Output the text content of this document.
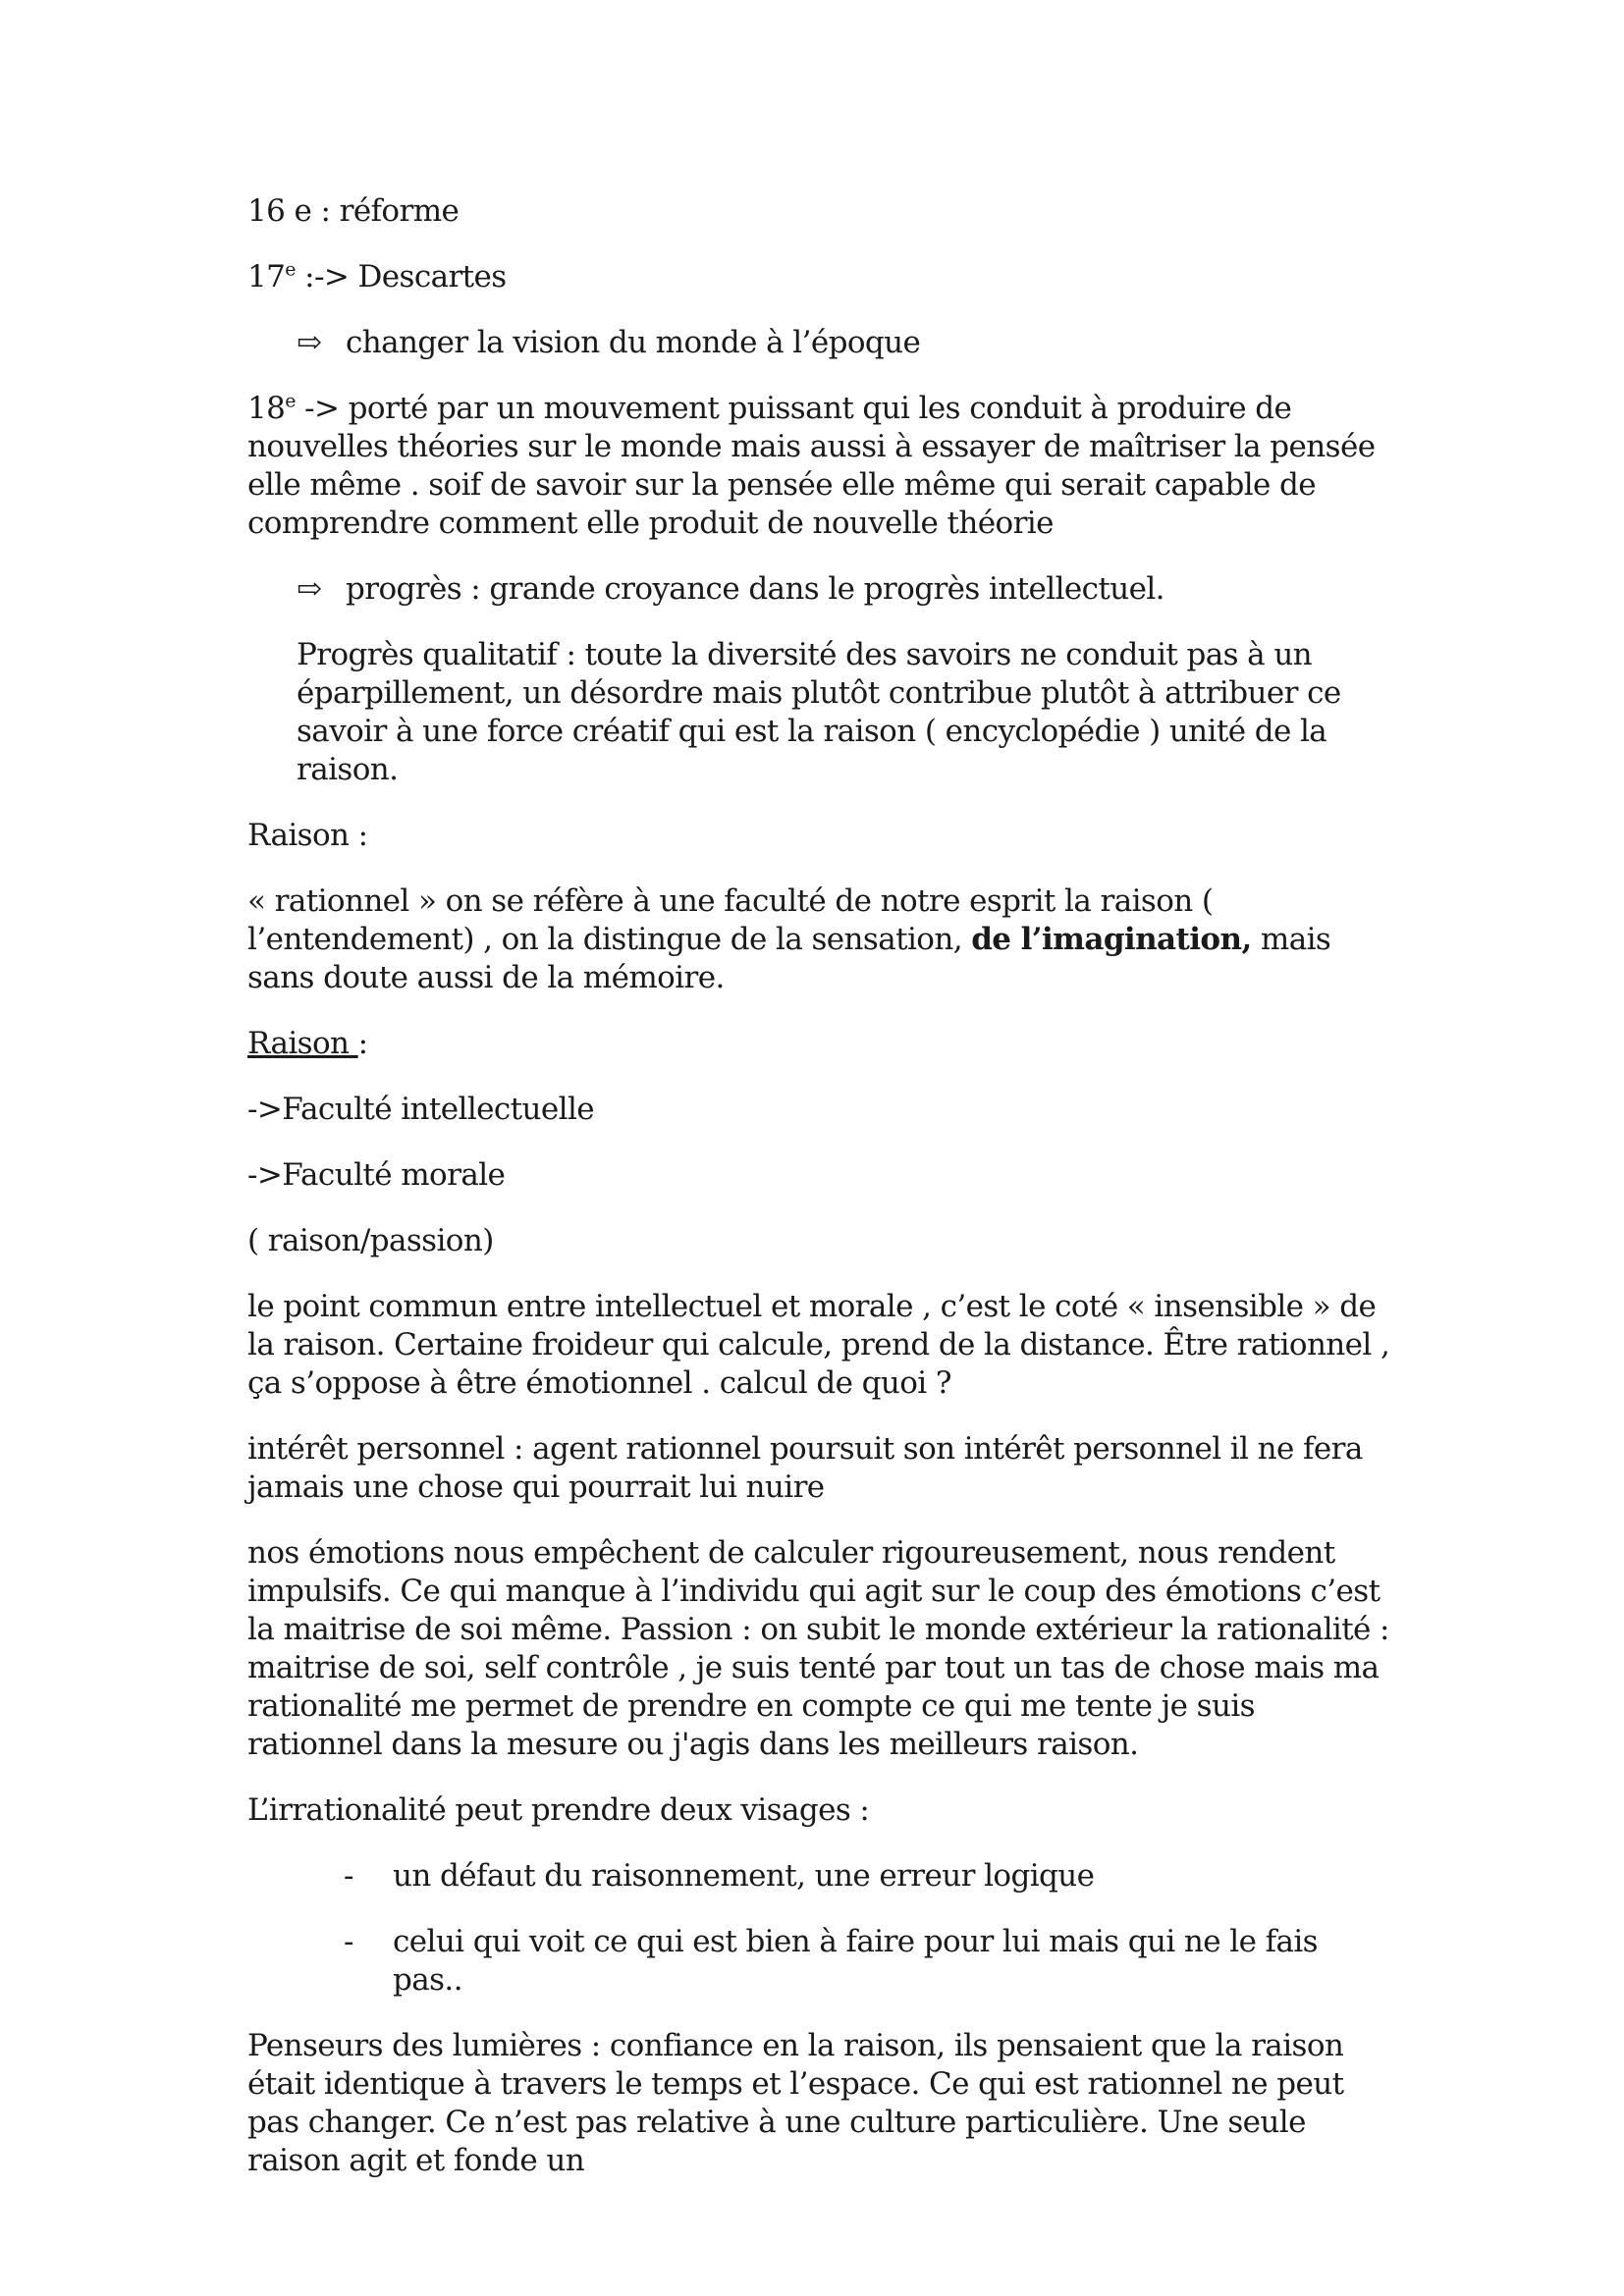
16 e : réforme

17e :-> Descartes

⇨ changer la vision du monde à l’époque

18e -> porté par un mouvement puissant qui les conduit à produire de nouvelles théories sur le monde mais aussi à essayer de maîtriser la pensée elle même . soif de savoir sur la pensée elle même qui serait capable de comprendre comment elle produit de nouvelle théorie

⇨ progrès : grande croyance dans le progrès intellectuel.

Progrès qualitatif : toute la diversité des savoirs ne conduit pas à un éparpillement, un désordre mais plutôt contribue plutôt à attribuer ce savoir à une force créatif qui est la raison ( encyclopédie ) unité de la raison.

Raison :

« rationnel » on se réfère à une faculté de notre esprit la raison ( l’entendement) , on la distingue de la sensation, de l’imagination, mais sans doute aussi de la mémoire.

Raison :

->Faculté intellectuelle

->Faculté morale

( raison/passion)

le point commun entre intellectuel et morale , c’est le coté « insensible » de la raison. Certaine froideur qui calcule, prend de la distance. Être rationnel , ça s’oppose à être émotionnel . calcul de quoi ?

intérêt personnel : agent rationnel poursuit son intérêt personnel il ne fera jamais une chose qui pourrait lui nuire

nos émotions nous empêchent de calculer rigoureusement, nous rendent impulsifs. Ce qui manque à l’individu qui agit sur le coup des émotions c’est la maitrise de soi même. Passion : on subit le monde extérieur la rationalité : maitrise de soi, self contrôle , je suis tenté par tout un tas de chose mais ma rationalité me permet de prendre en compte ce qui me tente je suis rationnel dans la mesure ou j'agis dans les meilleurs raison.

L’irrationalité peut prendre deux visages :

-	un défaut du raisonnement, une erreur logique
-	celui qui voit ce qui est bien à faire pour lui mais qui ne le fais pas..

Penseurs des lumières : confiance en la raison, ils pensaient que la raison était identique à travers le temps et l’espace. Ce qui est rationnel ne peut pas changer. Ce n’est pas relative à une culture particulière. Une seule raison agit et fonde un
